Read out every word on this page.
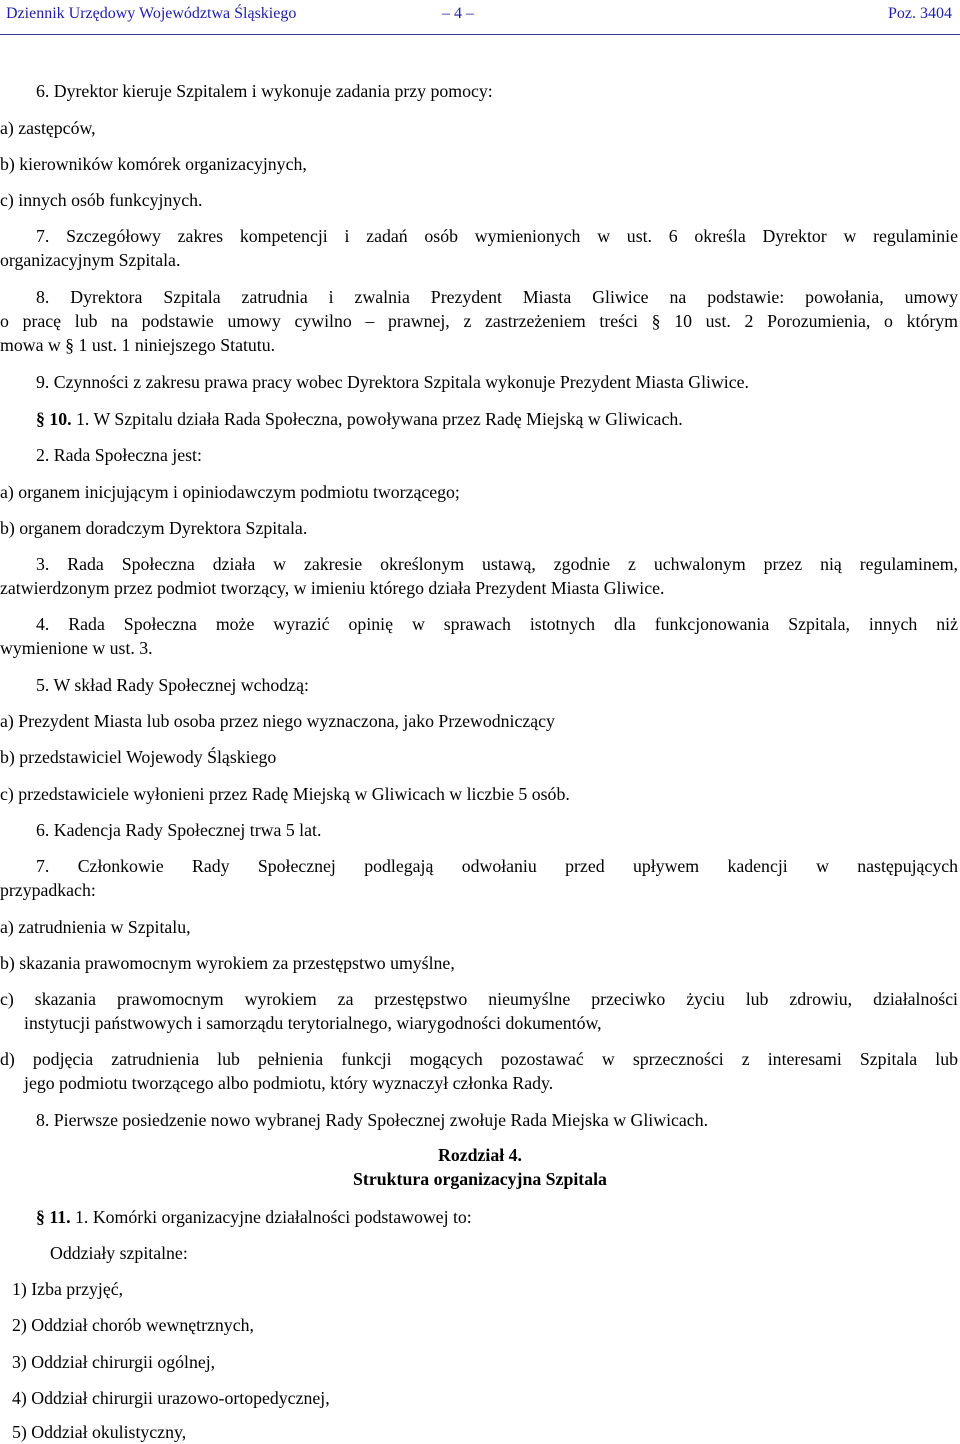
Dziennik Urzędowy Województwa Śląskiego	– 4 –	Poz. 3404
6. Dyrektor kieruje Szpitalem i wykonuje zadania przy pomocy:
a) zastępców,
b) kierowników komórek organizacyjnych,
c) innych osób funkcyjnych.
7. Szczegółowy zakres kompetencji i zadań osób wymienionych w ust. 6 określa Dyrektor w regulaminie
organizacyjnym Szpitala.
8. Dyrektora Szpitala zatrudnia i zwalnia Prezydent Miasta Gliwice na podstawie: powołania, umowy
o pracę lub na podstawie umowy cywilno – prawnej, z zastrzeżeniem treści § 10 ust. 2 Porozumienia, o którym
mowa w § 1 ust. 1 niniejszego Statutu.
9. Czynności z zakresu prawa pracy wobec Dyrektora Szpitala wykonuje Prezydent Miasta Gliwice.
§ 10. 1. W Szpitalu działa Rada Społeczna, powoływana przez Radę Miejską w Gliwicach.
2. Rada Społeczna jest:
a) organem inicjującym i opiniodawczym podmiotu tworzącego;
b) organem doradczym Dyrektora Szpitala.
3. Rada Społeczna działa w zakresie określonym ustawą, zgodnie z uchwalonym przez nią regulaminem,
zatwierdzonym przez podmiot tworzący, w imieniu którego działa Prezydent Miasta Gliwice.
4. Rada Społeczna może wyrazić opinię w sprawach istotnych dla funkcjonowania Szpitala, innych niż
wymienione w ust. 3.
5. W skład Rady Społecznej wchodzą:
a) Prezydent Miasta lub osoba przez niego wyznaczona, jako Przewodniczący
b) przedstawiciel Wojewody Śląskiego
c) przedstawiciele wyłonieni przez Radę Miejską w Gliwicach w liczbie 5 osób.
6. Kadencja Rady Społecznej trwa 5 lat.
7. Członkowie Rady Społecznej podlegają odwołaniu przed upływem kadencji w następujących
przypadkach:
a) zatrudnienia w Szpitalu,
b) skazania prawomocnym wyrokiem za przestępstwo umyślne,
c) skazania prawomocnym wyrokiem za przestępstwo nieumyślne przeciwko życiu lub zdrowiu, działalności
instytucji państwowych i samorządu terytorialnego, wiarygodności dokumentów,
d) podjęcia zatrudnienia lub pełnienia funkcji mogących pozostawać w sprzeczności z interesami Szpitala lub
jego podmiotu tworzącego albo podmiotu, który wyznaczył członka Rady.
8. Pierwsze posiedzenie nowo wybranej Rady Społecznej zwołuje Rada Miejska w Gliwicach.
Rozdział 4.
Struktura organizacyjna Szpitala
§ 11. 1. Komórki organizacyjne działalności podstawowej to:
Oddziały szpitalne:
1) Izba przyjęć,
2) Oddział chorób wewnętrznych,
3) Oddział chirurgii ogólnej,
4) Oddział chirurgii urazowo-ortopedycznej,
5) Oddział okulistyczny,
